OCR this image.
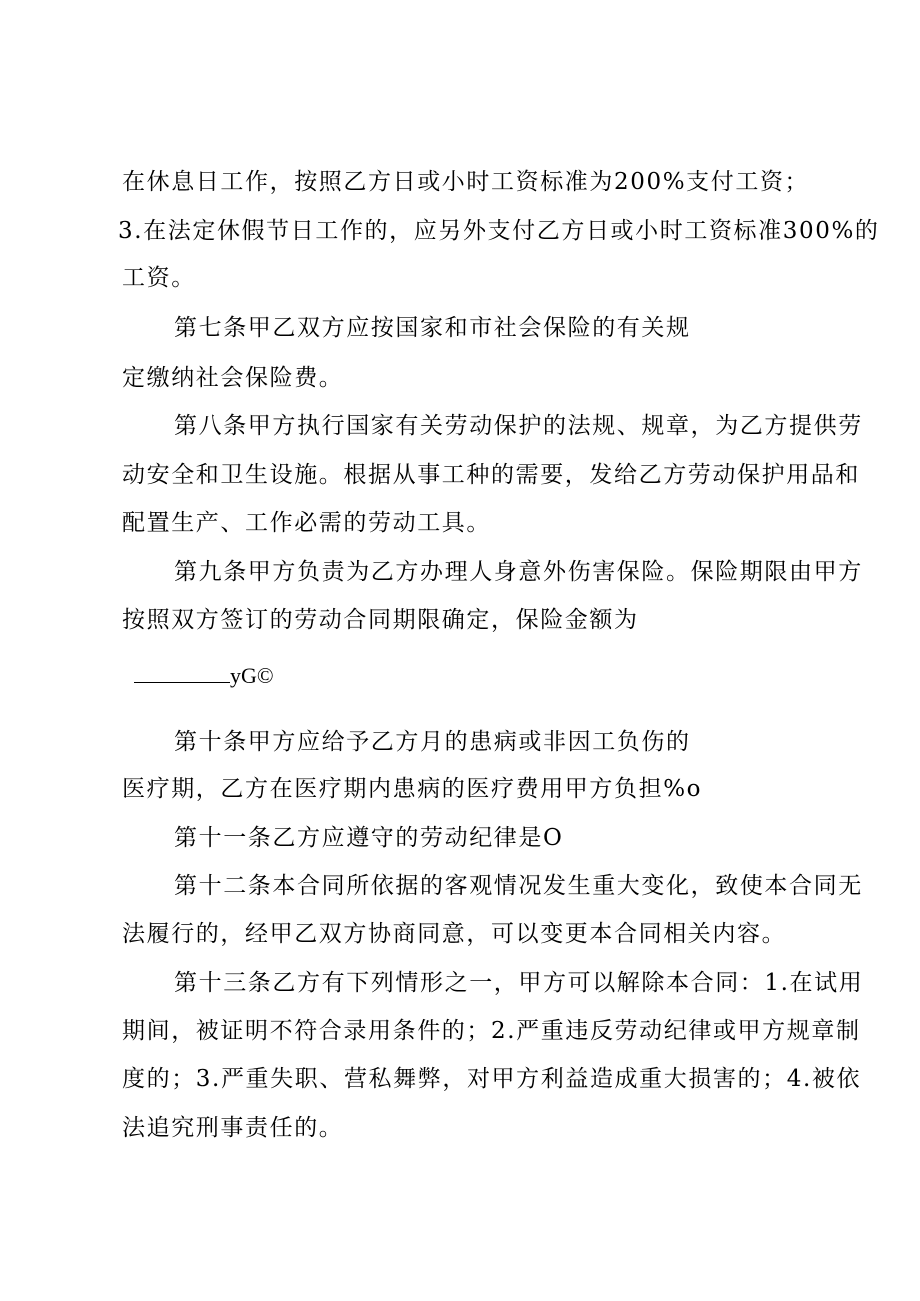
在休息日工作，按照乙方日或小时工资标准为200%支付工资；
3.在法定休假节日工作的，应另外支付乙方日或小时工资标准300%的
工资。
第七条甲乙双方应按国家和市社会保险的有关规
定缴纳社会保险费。
第八条甲方执行国家有关劳动保护的法规、规章，为乙方提供劳
动安全和卫生设施。根据从事工种的需要，发给乙方劳动保护用品和
配置生产、工作必需的劳动工具。
第九条甲方负责为乙方办理人身意外伤害保险。保险期限由甲方
按照双方签订的劳动合同期限确定，保险金额为
yG©
第十条甲方应给予乙方月的患病或非因工负伤的
医疗期，乙方在医疗期内患病的医疗费用甲方负担%o
第十一条乙方应遵守的劳动纪律是O
第十二条本合同所依据的客观情况发生重大变化，致使本合同无
法履行的，经甲乙双方协商同意，可以变更本合同相关内容。
第十三条乙方有下列情形之一，甲方可以解除本合同：1.在试用
期间，被证明不符合录用条件的；2.严重违反劳动纪律或甲方规章制
度的；3.严重失职、营私舞弊，对甲方利益造成重大损害的；4.被依
法追究刑事责任的。
